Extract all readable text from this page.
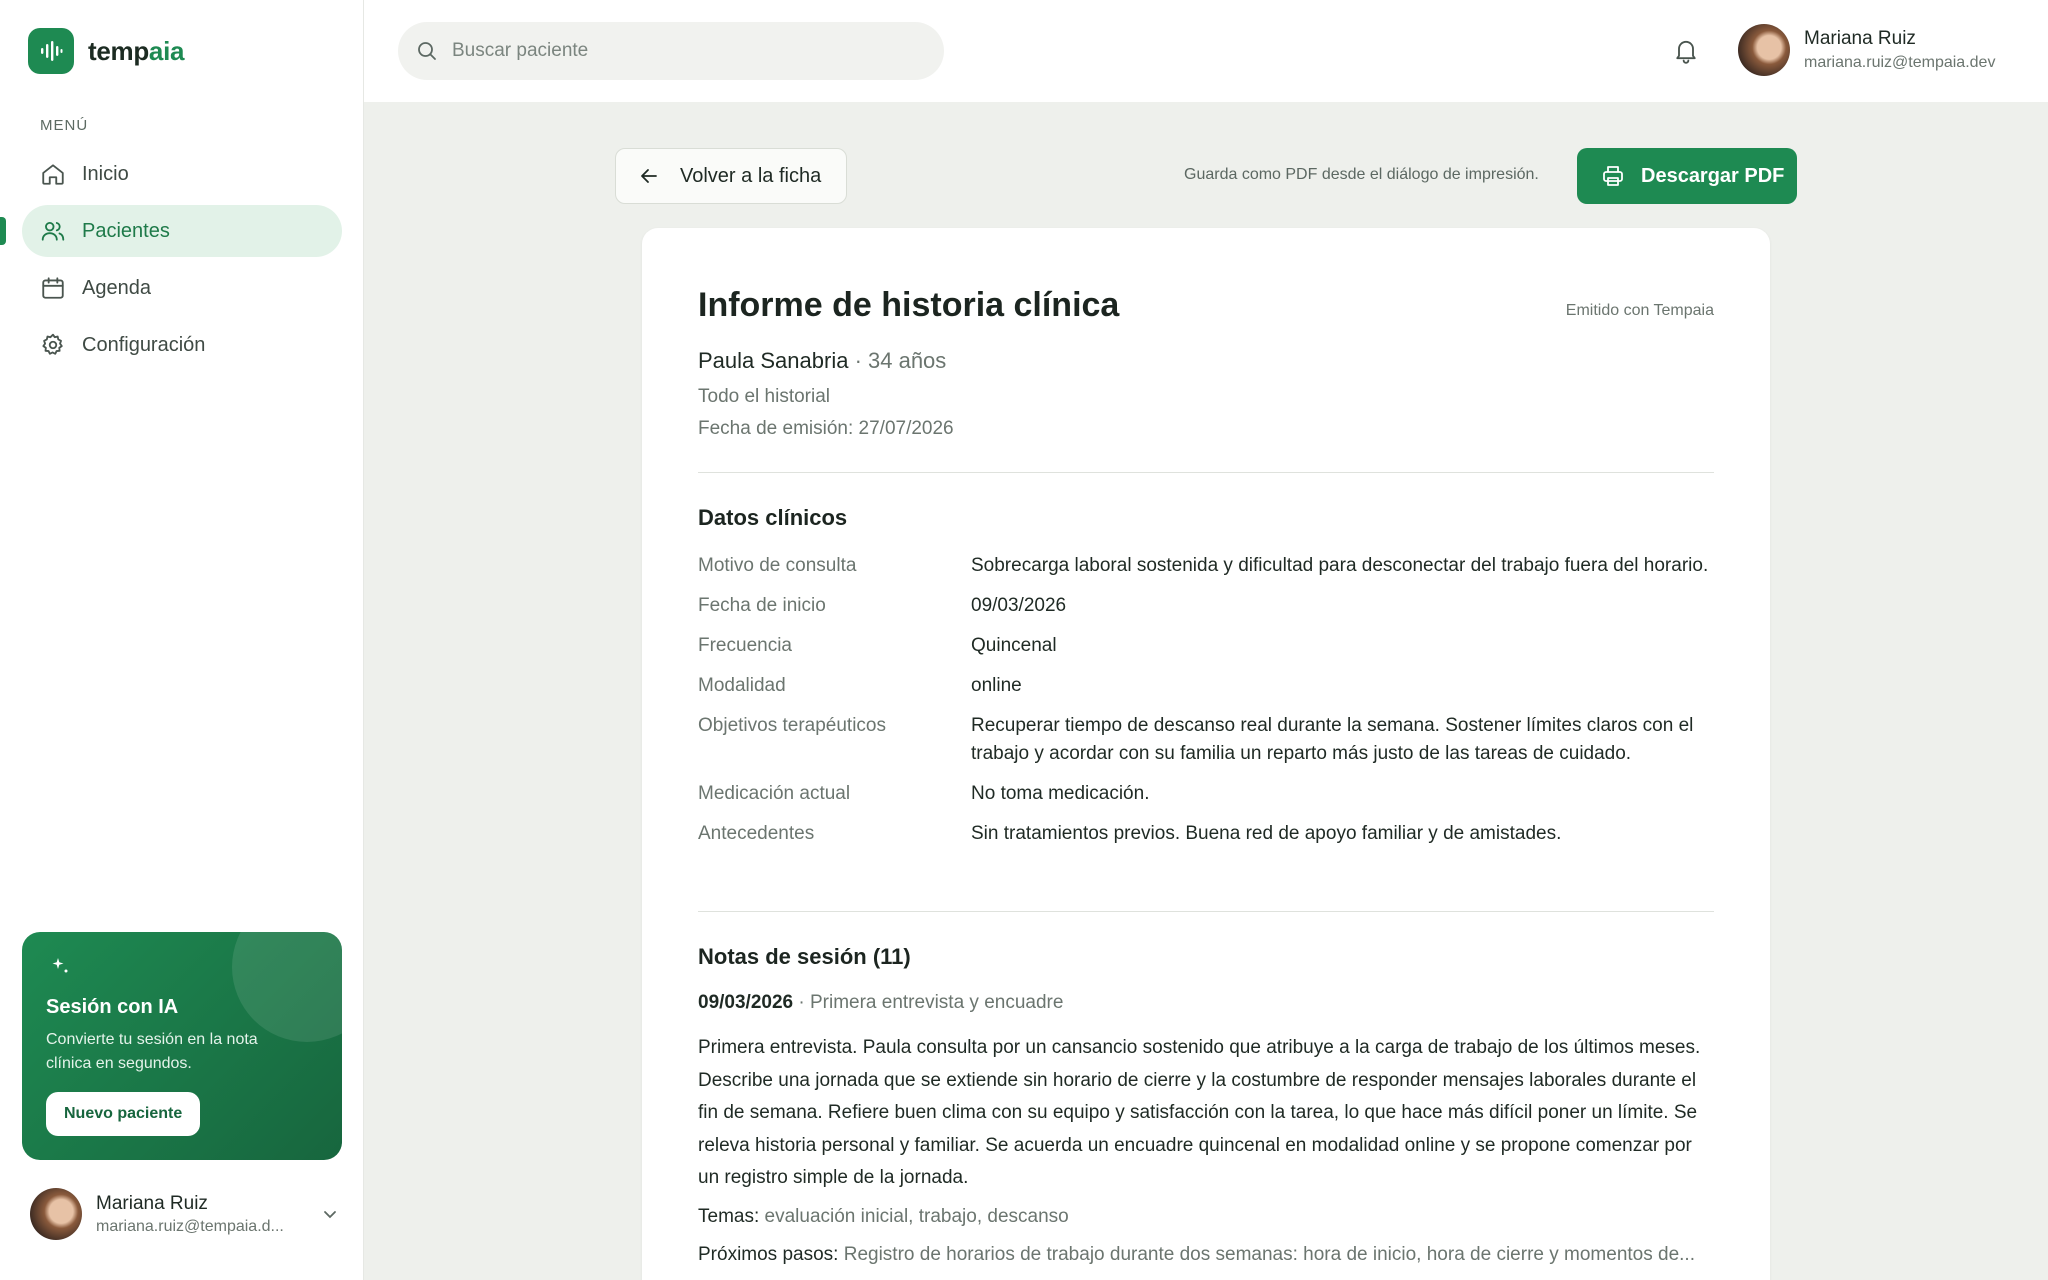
tempaia
MENÚ
Inicio
Pacientes
Agenda
Configuración
Sesión con IA
Convierte tu sesión en la nota clínica en segundos.
Nuevo paciente
Mariana Ruiz
mariana.ruiz@tempaia.d...
Buscar paciente
Mariana Ruiz
mariana.ruiz@tempaia.dev
Volver a la ficha	Guarda como PDF desde el diálogo de impresión.	Descargar PDF
Informe de historia clínica	Emitido con Tempaia
Paula Sanabria · 34 años
Todo el historial
Fecha de emisión: 27/07/2026
Datos clínicos
Motivo de consulta	Sobrecarga laboral sostenida y dificultad para desconectar del trabajo fuera del horario.
Fecha de inicio	09/03/2026
Frecuencia	Quincenal
Modalidad	online
Objetivos terapéuticos	Recuperar tiempo de descanso real durante la semana. Sostener límites claros con el trabajo y acordar con su familia un reparto más justo de las tareas de cuidado.
Medicación actual	No toma medicación.
Antecedentes	Sin tratamientos previos. Buena red de apoyo familiar y de amistades.
Notas de sesión (11)
09/03/2026 · Primera entrevista y encuadre

Primera entrevista. Paula consulta por un cansancio sostenido que atribuye a la carga de trabajo de los últimos meses. Describe una jornada que se extiende sin horario de cierre y la costumbre de responder mensajes laborales durante el fin de semana. Refiere buen clima con su equipo y satisfacción con la tarea, lo que hace más difícil poner un límite. Se releva historia personal y familiar. Se acuerda un encuadre quincenal en modalidad online y se propone comenzar por un registro simple de la jornada.

Temas: evaluación inicial, trabajo, descanso
Próximos pasos: Registro de horarios de trabajo durante dos semanas: hora de inicio, hora de cierre y momentos de...
